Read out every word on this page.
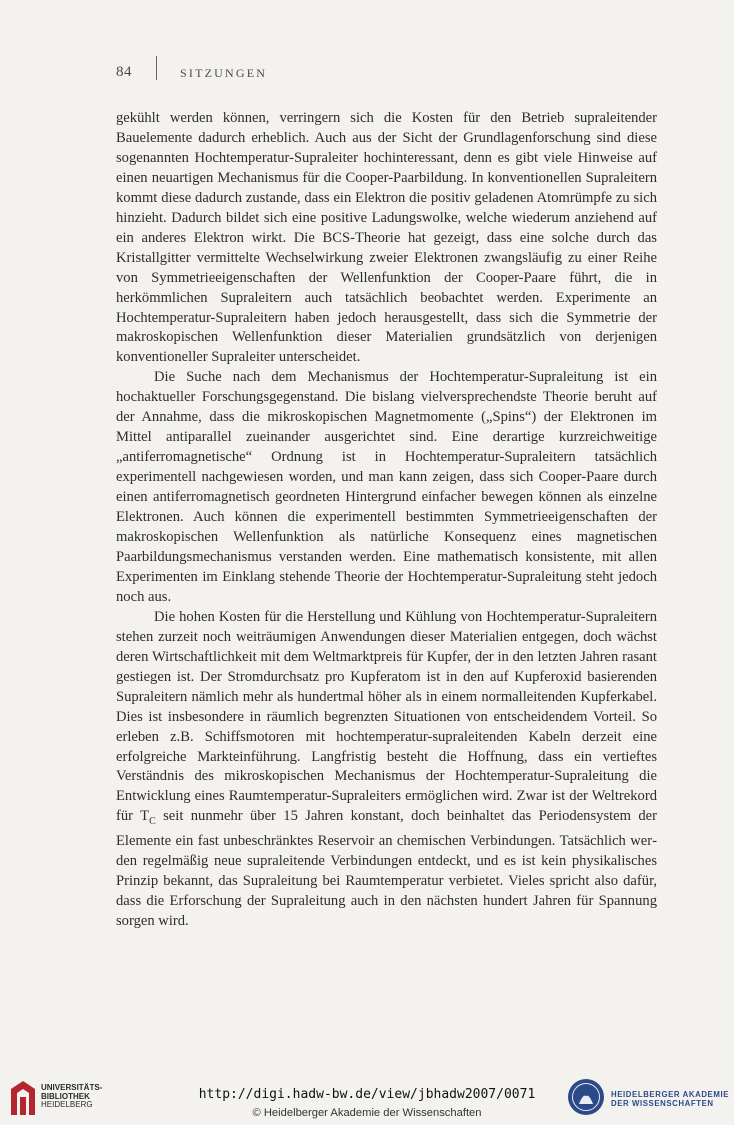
84	SITZUNGEN

gekühlt werden können, verringern sich die Kosten für den Betrieb supraleitender Bauelemente dadurch erheblich. Auch aus der Sicht der Grundlagenforschung sind diese sogenannten Hochtemperatur-Supraleiter hochinteressant, denn es gibt viele Hinweise auf einen neuartigen Mechanismus für die Cooper-Paarbildung. In konventionellen Supraleitern kommt diese dadurch zustande, dass ein Elektron die positiv geladenen Atomrümpfe zu sich hinzieht. Dadurch bildet sich eine positive Ladungswolke, welche wiederum anziehend auf ein anderes Elektron wirkt. Die BCS-Theorie hat gezeigt, dass eine solche durch das Kristallgitter vermittelte Wechselwirkung zweier Elektronen zwangsläufig zu einer Reihe von Symmetrieeigenschaften der Wellenfunktion der Cooper-Paare führt, die in herkömmlichen Supraleitern auch tatsächlich beobachtet werden. Experimente an Hochtemperatur-Supraleitern haben jedoch herausgestellt, dass sich die Symmetrie der makroskopischen Wellenfunktion dieser Materialien grundsätzlich von derjenigen konventioneller Supraleiter unterscheidet.

Die Suche nach dem Mechanismus der Hochtemperatur-Supraleitung ist ein hochaktueller Forschungsgegenstand. Die bislang vielversprechendste Theorie beruht auf der Annahme, dass die mikroskopischen Magnetmomente („Spins“) der Elektronen im Mittel antiparallel zueinander ausgerichtet sind. Eine derartige kurzreichweitige „antiferromagnetische“ Ordnung ist in Hochtemperatur-Supraleitern tatsächlich experimentell nachgewiesen worden, und man kann zeigen, dass sich Cooper-Paare durch einen antiferromagnetisch geordneten Hintergrund einfacher bewegen können als einzelne Elektronen. Auch können die experimentell bestimmten Symmetrieeigenschaften der makroskopischen Wellenfunktion als natürliche Konsequenz eines magnetischen Paarbildungsmechanismus verstanden werden. Eine mathematisch konsistente, mit allen Experimenten im Einklang stehende Theorie der Hochtemperatur-Supraleitung steht jedoch noch aus.

Die hohen Kosten für die Herstellung und Kühlung von Hochtemperatur-Supraleitern stehen zurzeit noch weiträumigen Anwendungen dieser Materialien entgegen, doch wächst deren Wirtschaftlichkeit mit dem Weltmarktpreis für Kupfer, der in den letzten Jahren rasant gestiegen ist. Der Stromdurchsatz pro Kupferatom ist in den auf Kupferoxid basierenden Supraleitern nämlich mehr als hundertmal höher als in einem normalleitenden Kupferkabel. Dies ist insbesondere in räumlich begrenzten Situationen von entscheidendem Vorteil. So erleben z.B. Schiffsmotoren mit hochtemperatur-supraleitenden Kabeln derzeit eine erfolgreiche Markteinführung. Langfristig besteht die Hoffnung, dass ein vertieftes Verständnis des mikroskopischen Mechanismus der Hochtemperatur-Supraleitung die Entwicklung eines Raumtemperatur-Supraleiters ermöglichen wird. Zwar ist der Weltrekord für $T_C$ seit nunmehr über 15 Jahren konstant, doch beinhaltet das Periodensystem der Elemente ein fast unbeschränktes Reservoir an chemischen Verbindungen. Tatsächlich werden regelmäßig neue supraleitende Verbindungen entdeckt, und es ist kein physikalisches Prinzip bekannt, das Supraleitung bei Raumtemperatur verbietet. Vieles spricht also dafür, dass die Erforschung der Supraleitung auch in den nächsten hundert Jahren für Spannung sorgen wird.

UNIVERSITÄTS-
BIBLIOTHEK
HEIDELBERG
http://digi.hadw-bw.de/view/jbhadw2007/0071
© Heidelberger Akademie der Wissenschaften
HEIDELBERGER AKADEMIE
DER WISSENSCHAFTEN
